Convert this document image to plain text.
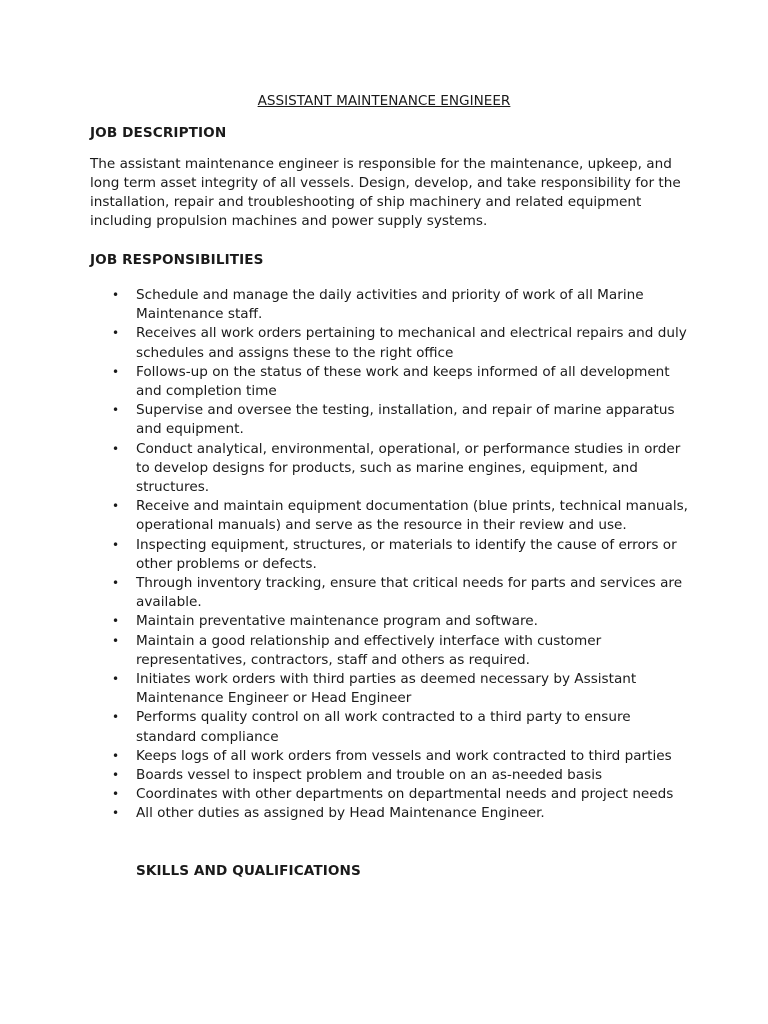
ASSISTANT MAINTENANCE ENGINEER
JOB DESCRIPTION

The assistant maintenance engineer is responsible for the maintenance, upkeep, and long term asset integrity of all vessels. Design, develop, and take responsibility for the installation, repair and troubleshooting of ship machinery and related equipment including propulsion machines and power supply systems.

JOB RESPONSIBILITIES
• Schedule and manage the daily activities and priority of work of all Marine Maintenance staff.
• Receives all work orders pertaining to mechanical and electrical repairs and duly schedules and assigns these to the right office
• Follows-up on the status of these work and keeps informed of all development and completion time
• Supervise and oversee the testing, installation, and repair of marine apparatus and equipment.
• Conduct analytical, environmental, operational, or performance studies in order to develop designs for products, such as marine engines, equipment, and structures.
• Receive and maintain equipment documentation (blue prints, technical manuals, operational manuals) and serve as the resource in their review and use.
• Inspecting equipment, structures, or materials to identify the cause of errors or other problems or defects.
• Through inventory tracking, ensure that critical needs for parts and services are available.
• Maintain preventative maintenance program and software.
• Maintain a good relationship and effectively interface with customer representatives, contractors, staff and others as required.
• Initiates work orders with third parties as deemed necessary by Assistant Maintenance Engineer or Head Engineer
• Performs quality control on all work contracted to a third party to ensure standard compliance
• Keeps logs of all work orders from vessels and work contracted to third parties
• Boards vessel to inspect problem and trouble on an as-needed basis
• Coordinates with other departments on departmental needs and project needs
• All other duties as assigned by Head Maintenance Engineer.
SKILLS AND QUALIFICATIONS
